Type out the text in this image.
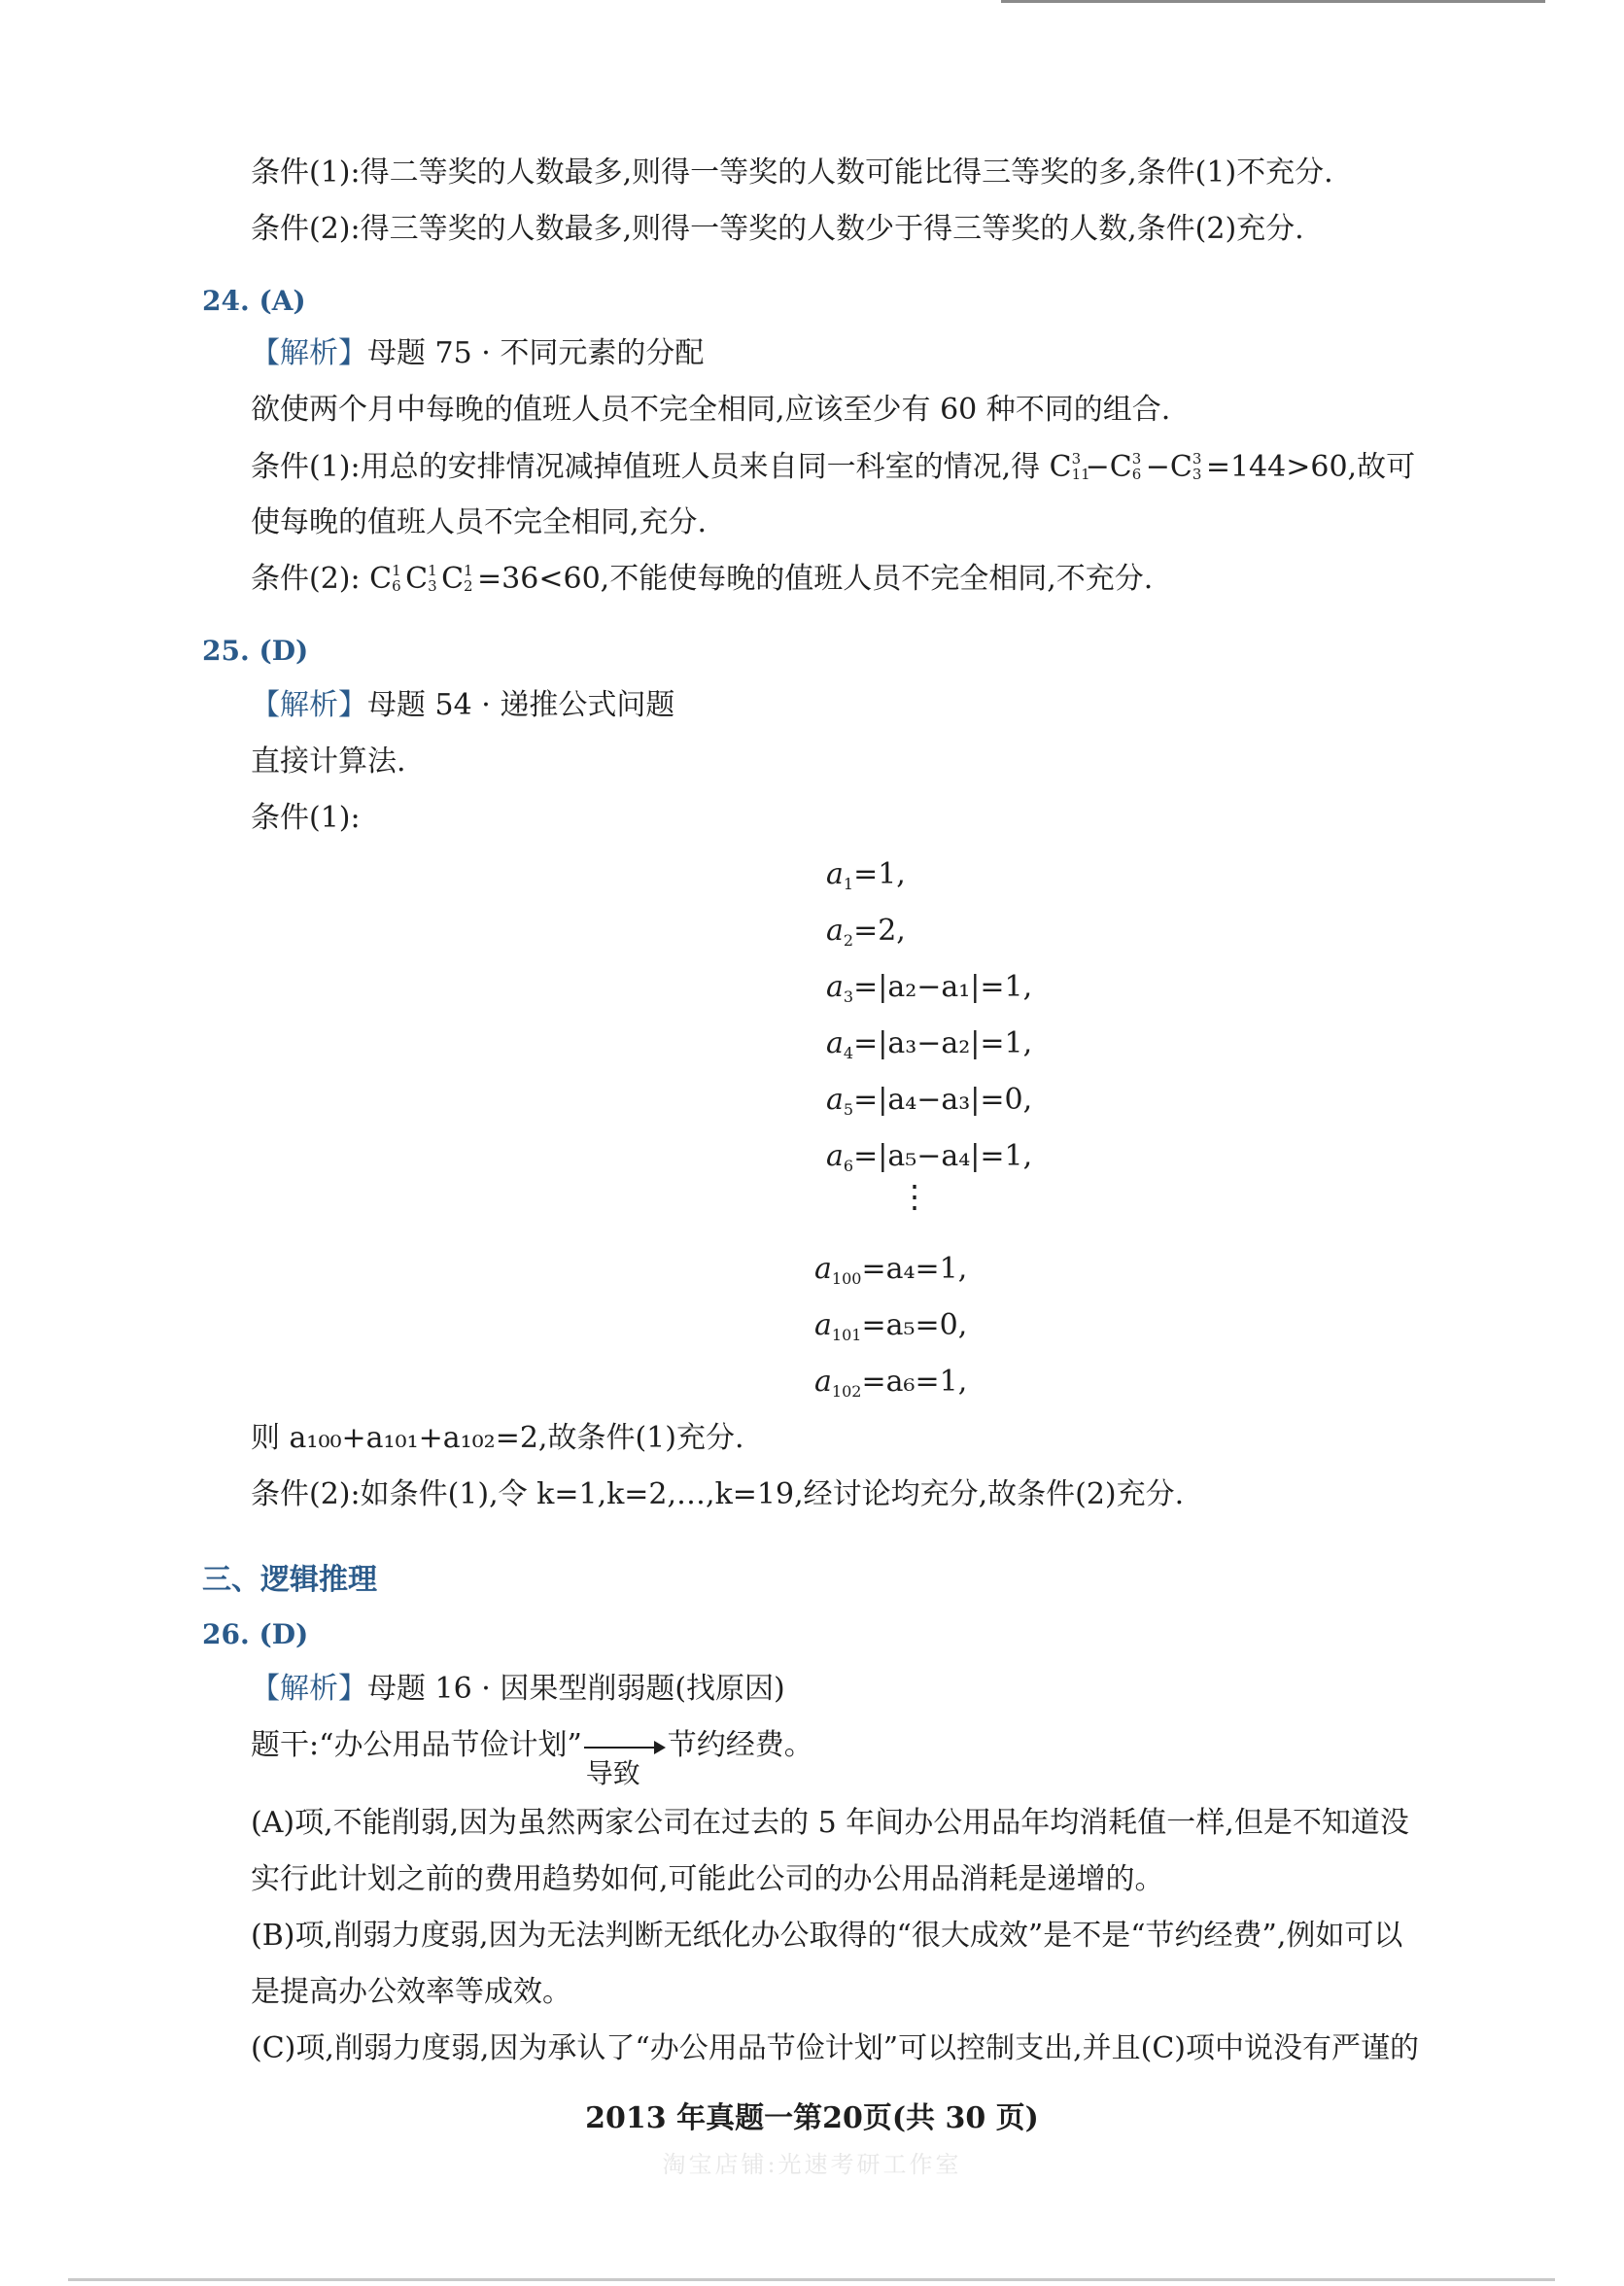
条件(1):得二等奖的人数最多,则得一等奖的人数可能比得三等奖的多,条件(1)不充分.
条件(2):得三等奖的人数最多,则得一等奖的人数少于得三等奖的人数,条件(2)充分.
24. (A)
【解析】母题 75 · 不同元素的分配
欲使两个月中每晚的值班人员不完全相同,应该至少有 60 种不同的组合.
条件(1):用总的安排情况减掉值班人员来自同一科室的情况,得 C 3
11
−C 3
6 −C 3
3 =144>60,故可
使每晚的值班人员不完全相同,充分.
条件(2): C 1
6 C 1
3 C 1
2 =36<60,不能使每晚的值班人员不完全相同,不充分.
25. (D)
【解析】母题 54 · 递推公式问题
直接计算法.
条件(1):
$a_1=1$,
$a_2=2$,
$a_3=|a_2-a_1|=1$,
$a_4=|a_3-a_2|=1$,
$a_5=|a_4-a_3|=0$,
$a_6=|a_5-a_4|=1$,
⋮
$a_{100}=a_4=1$,
$a_{101}=a_5=0$,
$a_{102}=a_6=1$,
则 a₁₀₀+a₁₀₁+a₁₀₂=2,故条件(1)充分.
条件(2):如条件(1),令 k=1,k=2,…,k=19,经讨论均充分,故条件(2)充分.
三、逻辑推理
26. (D)
【解析】母题 16 · 因果型削弱题(找原因)
题干:“办公用品节俭计划”
导致
节约经费。
(A)项,不能削弱,因为虽然两家公司在过去的 5 年间办公用品年均消耗值一样,但是不知道没
实行此计划之前的费用趋势如何,可能此公司的办公用品消耗是递增的。
(B)项,削弱力度弱,因为无法判断无纸化办公取得的“很大成效”是不是“节约经费”,例如可以
是提高办公效率等成效。
(C)项,削弱力度弱,因为承认了“办公用品节俭计划”可以控制支出,并且(C)项中说没有严谨的
2013 年真题一第20页(共 30 页)
淘宝店铺:光速考研工作室
